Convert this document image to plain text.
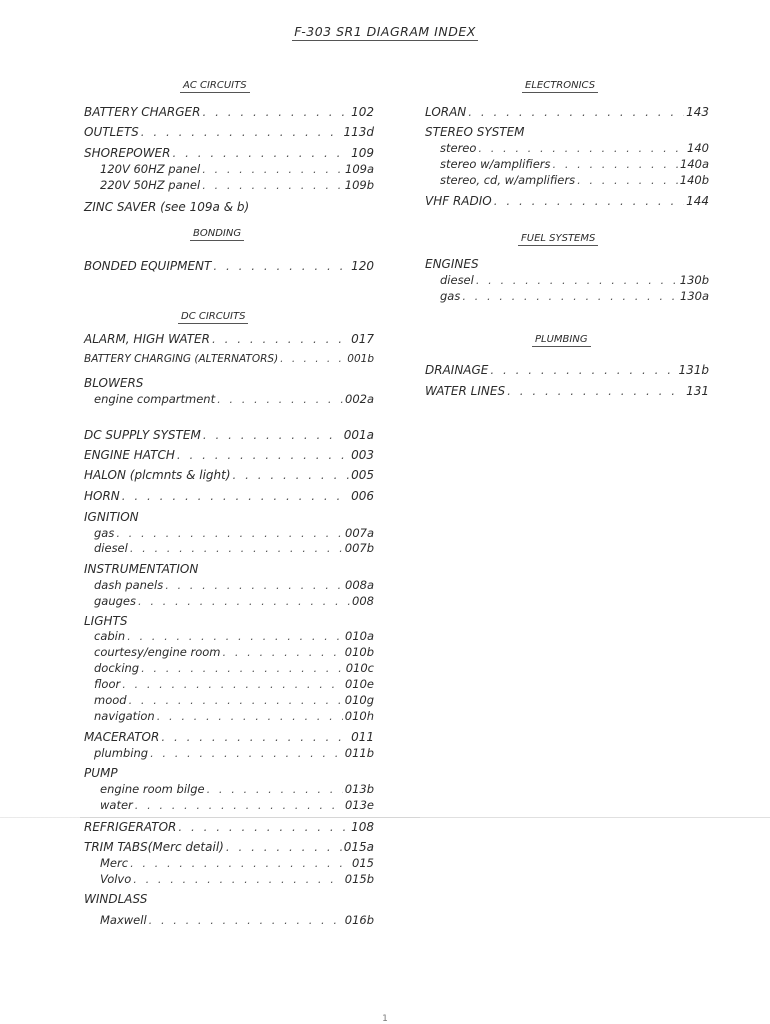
F-303 SR1 DIAGRAM INDEX
AC CIRCUITS
BATTERY CHARGER . . .	102
OUTLETS . . .	113d
SHOREPOWER . . .	109
120V 60HZ panel . . .	109a
220V 50HZ panel . . .	109b
ZINC SAVER (see 109a & b)
BONDING
BONDED EQUIPMENT . . .	120
DC CIRCUITS
ALARM, HIGH WATER . . .	017
BATTERY CHARGING (ALTERNATORS) . . .	001b
BLOWERS
engine compartment . . .	002a
DC SUPPLY SYSTEM . . .	001a
ENGINE HATCH . . .	003
HALON (plcmnts & light) . . .	005
HORN . . .	006
IGNITION
gas . . .	007a
diesel . . .	007b
INSTRUMENTATION
dash panels . . .	008a
gauges . . .	008
LIGHTS
cabin . . .	010a
courtesy/engine room . . .	010b
docking . . .	010c
floor . . .	010e
mood . . .	010g
navigation . . .	010h
MACERATOR . . .	011
plumbing . . .	011b
PUMP
engine room bilge . . .	013b
water . . .	013e
REFRIGERATOR . . .	108
TRIM TABS(Merc detail) . . .	015a
Merc . . .	015
Volvo . . .	015b
WINDLASS
Maxwell . . .	016b
ELECTRONICS
LORAN . . .	143
STEREO SYSTEM
stereo . . .	140
stereo w/amplifiers . . .	140a
stereo, cd, w/amplifiers . . .	140b
VHF RADIO . . .	144
FUEL SYSTEMS
ENGINES
diesel . . .	130b
gas . . .	130a
PLUMBING
DRAINAGE . . .	131b
WATER LINES . . .	131
1
